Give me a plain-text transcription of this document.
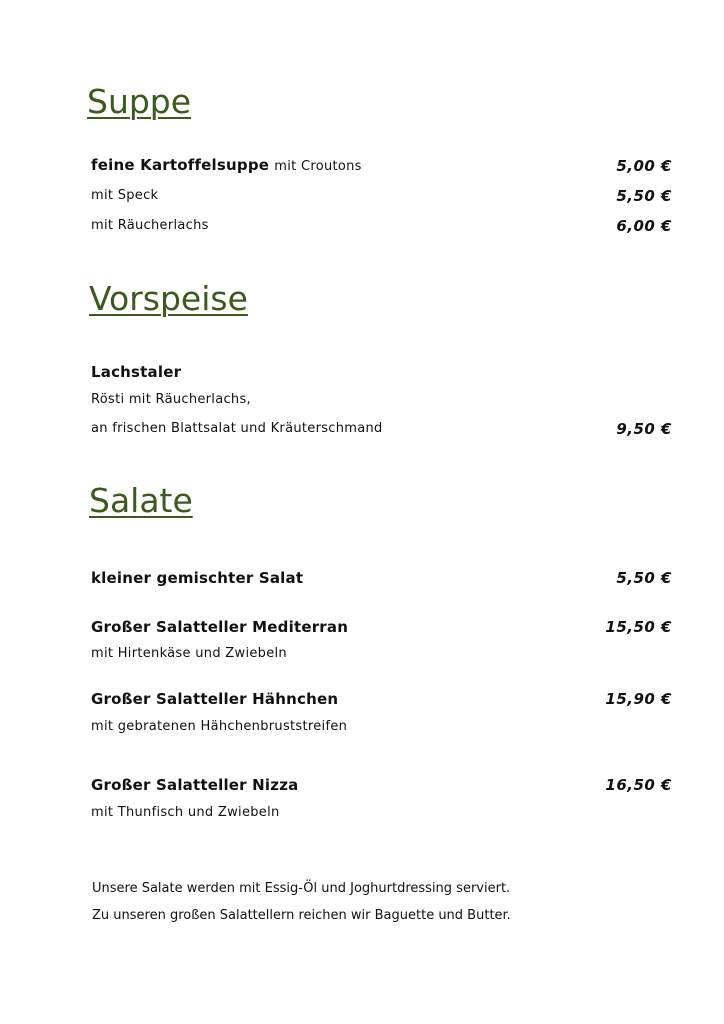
Suppe
feine Kartoffelsuppe mit Croutons	5,00 €
mit Speck	5,50 €
mit Räucherlachs	6,00 €
Vorspeise
Lachstaler
Rösti mit Räucherlachs,
an frischen Blattsalat und Kräuterschmand	9,50 €
Salate
kleiner gemischter Salat	5,50 €
Großer Salatteller Mediterran	15,50 €
mit Hirtenkäse und Zwiebeln
Großer Salatteller Hähnchen	15,90 €
mit gebratenen Hähchenbruststreifen
Großer Salatteller Nizza	16,50 €
mit Thunfisch und Zwiebeln
Unsere Salate werden mit Essig-Öl und Joghurtdressing serviert.
Zu unseren großen Salattellern reichen wir Baguette und Butter.
